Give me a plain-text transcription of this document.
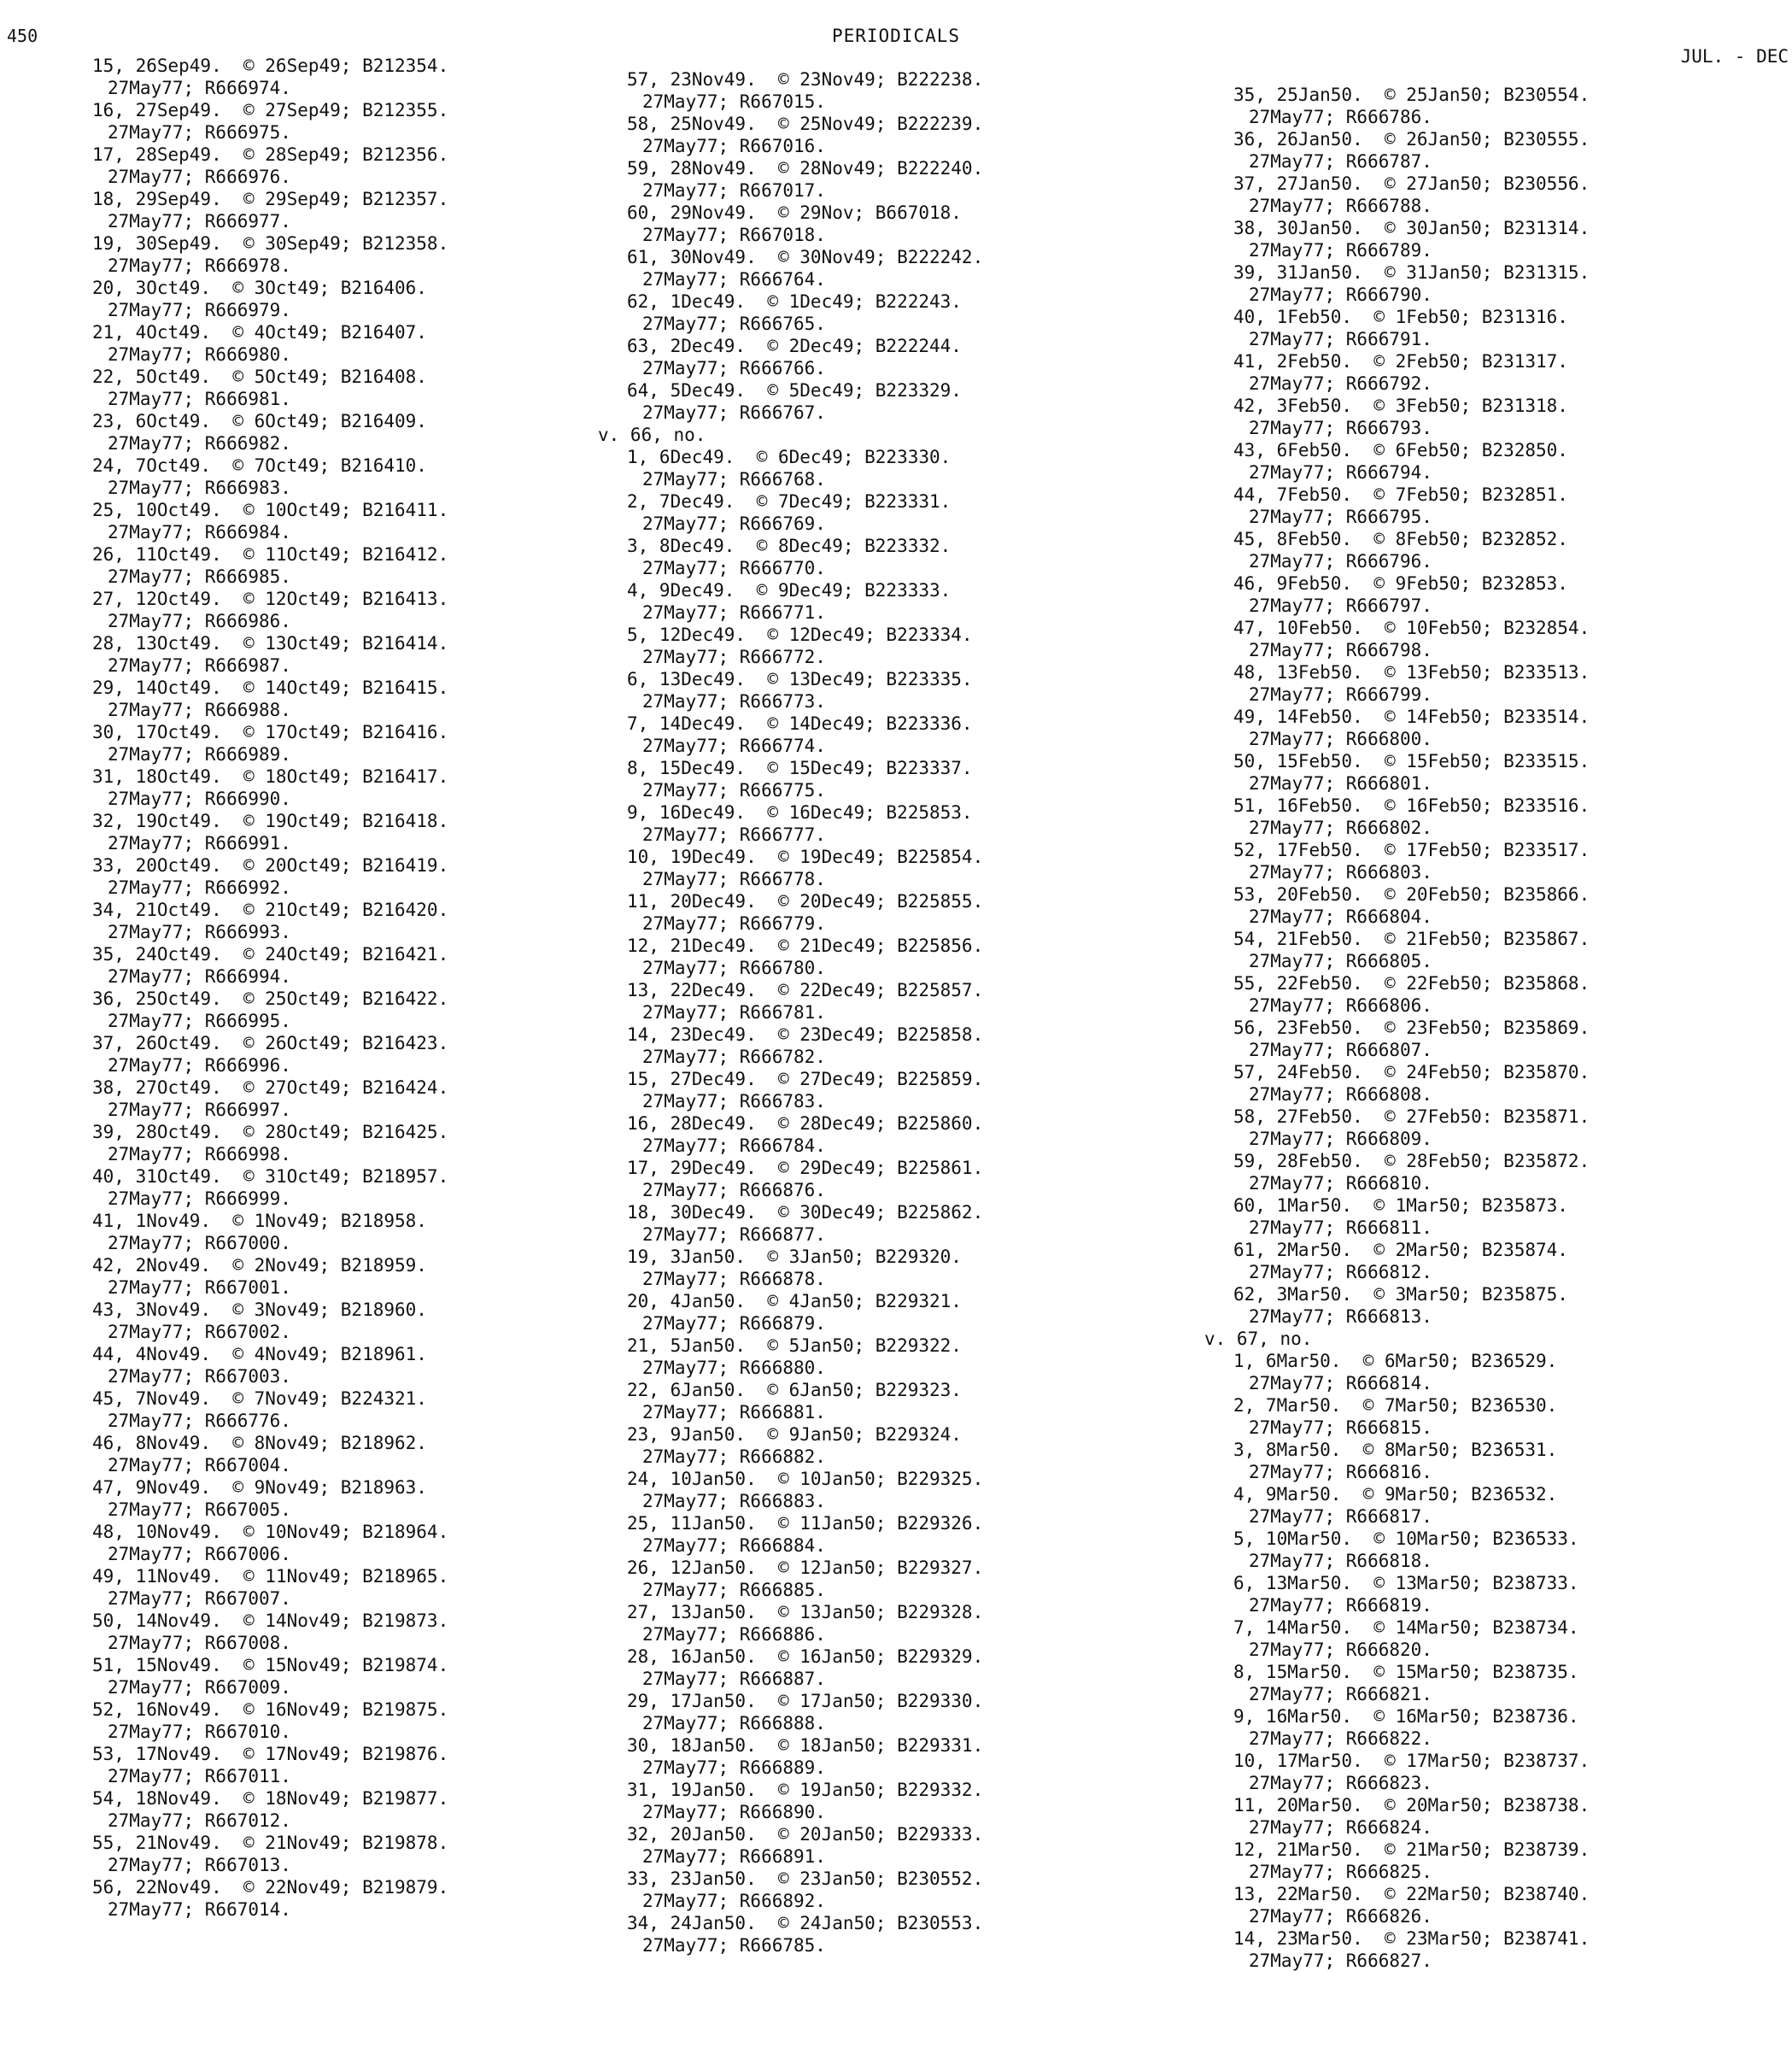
450	PERIODICALS
JUL. - DEC
15, 26Sep49.  © 26Sep49; B212354.
27May77; R666974.
16, 27Sep49.  © 27Sep49; B212355.
27May77; R666975.
17, 28Sep49.  © 28Sep49; B212356.
27May77; R666976.
18, 29Sep49.  © 29Sep49; B212357.
27May77; R666977.
19, 30Sep49.  © 30Sep49; B212358.
27May77; R666978.
20, 3Oct49.  © 3Oct49; B216406.
27May77; R666979.
21, 4Oct49.  © 4Oct49; B216407.
27May77; R666980.
22, 5Oct49.  © 5Oct49; B216408.
27May77; R666981.
23, 6Oct49.  © 6Oct49; B216409.
27May77; R666982.
24, 7Oct49.  © 7Oct49; B216410.
27May77; R666983.
25, 10Oct49.  © 10Oct49; B216411.
27May77; R666984.
26, 11Oct49.  © 11Oct49; B216412.
27May77; R666985.
27, 12Oct49.  © 12Oct49; B216413.
27May77; R666986.
28, 13Oct49.  © 13Oct49; B216414.
27May77; R666987.
29, 14Oct49.  © 14Oct49; B216415.
27May77; R666988.
30, 17Oct49.  © 17Oct49; B216416.
27May77; R666989.
31, 18Oct49.  © 18Oct49; B216417.
27May77; R666990.
32, 19Oct49.  © 19Oct49; B216418.
27May77; R666991.
33, 20Oct49.  © 20Oct49; B216419.
27May77; R666992.
34, 21Oct49.  © 21Oct49; B216420.
27May77; R666993.
35, 24Oct49.  © 24Oct49; B216421.
27May77; R666994.
36, 25Oct49.  © 25Oct49; B216422.
27May77; R666995.
37, 26Oct49.  © 26Oct49; B216423.
27May77; R666996.
38, 27Oct49.  © 27Oct49; B216424.
27May77; R666997.
39, 28Oct49.  © 28Oct49; B216425.
27May77; R666998.
40, 31Oct49.  © 31Oct49; B218957.
27May77; R666999.
41, 1Nov49.  © 1Nov49; B218958.
27May77; R667000.
42, 2Nov49.  © 2Nov49; B218959.
27May77; R667001.
43, 3Nov49.  © 3Nov49; B218960.
27May77; R667002.
44, 4Nov49.  © 4Nov49; B218961.
27May77; R667003.
45, 7Nov49.  © 7Nov49; B224321.
27May77; R666776.
46, 8Nov49.  © 8Nov49; B218962.
27May77; R667004.
47, 9Nov49.  © 9Nov49; B218963.
27May77; R667005.
48, 10Nov49.  © 10Nov49; B218964.
27May77; R667006.
49, 11Nov49.  © 11Nov49; B218965.
27May77; R667007.
50, 14Nov49.  © 14Nov49; B219873.
27May77; R667008.
51, 15Nov49.  © 15Nov49; B219874.
27May77; R667009.
52, 16Nov49.  © 16Nov49; B219875.
27May77; R667010.
53, 17Nov49.  © 17Nov49; B219876.
27May77; R667011.
54, 18Nov49.  © 18Nov49; B219877.
27May77; R667012.
55, 21Nov49.  © 21Nov49; B219878.
27May77; R667013.
56, 22Nov49.  © 22Nov49; B219879.
27May77; R667014.
57, 23Nov49.  © 23Nov49; B222238.
27May77; R667015.
58, 25Nov49.  © 25Nov49; B222239.
27May77; R667016.
59, 28Nov49.  © 28Nov49; B222240.
27May77; R667017.
60, 29Nov49.  © 29Nov; B667018.
27May77; R667018.
61, 30Nov49.  © 30Nov49; B222242.
27May77; R666764.
62, 1Dec49.  © 1Dec49; B222243.
27May77; R666765.
63, 2Dec49.  © 2Dec49; B222244.
27May77; R666766.
64, 5Dec49.  © 5Dec49; B223329.
27May77; R666767.
v. 66, no.
1, 6Dec49.  © 6Dec49; B223330.
27May77; R666768.
2, 7Dec49.  © 7Dec49; B223331.
27May77; R666769.
3, 8Dec49.  © 8Dec49; B223332.
27May77; R666770.
4, 9Dec49.  © 9Dec49; B223333.
27May77; R666771.
5, 12Dec49.  © 12Dec49; B223334.
27May77; R666772.
6, 13Dec49.  © 13Dec49; B223335.
27May77; R666773.
7, 14Dec49.  © 14Dec49; B223336.
27May77; R666774.
8, 15Dec49.  © 15Dec49; B223337.
27May77; R666775.
9, 16Dec49.  © 16Dec49; B225853.
27May77; R666777.
10, 19Dec49.  © 19Dec49; B225854.
27May77; R666778.
11, 20Dec49.  © 20Dec49; B225855.
27May77; R666779.
12, 21Dec49.  © 21Dec49; B225856.
27May77; R666780.
13, 22Dec49.  © 22Dec49; B225857.
27May77; R666781.
14, 23Dec49.  © 23Dec49; B225858.
27May77; R666782.
15, 27Dec49.  © 27Dec49; B225859.
27May77; R666783.
16, 28Dec49.  © 28Dec49; B225860.
27May77; R666784.
17, 29Dec49.  © 29Dec49; B225861.
27May77; R666876.
18, 30Dec49.  © 30Dec49; B225862.
27May77; R666877.
19, 3Jan50.  © 3Jan50; B229320.
27May77; R666878.
20, 4Jan50.  © 4Jan50; B229321.
27May77; R666879.
21, 5Jan50.  © 5Jan50; B229322.
27May77; R666880.
22, 6Jan50.  © 6Jan50; B229323.
27May77; R666881.
23, 9Jan50.  © 9Jan50; B229324.
27May77; R666882.
24, 10Jan50.  © 10Jan50; B229325.
27May77; R666883.
25, 11Jan50.  © 11Jan50; B229326.
27May77; R666884.
26, 12Jan50.  © 12Jan50; B229327.
27May77; R666885.
27, 13Jan50.  © 13Jan50; B229328.
27May77; R666886.
28, 16Jan50.  © 16Jan50; B229329.
27May77; R666887.
29, 17Jan50.  © 17Jan50; B229330.
27May77; R666888.
30, 18Jan50.  © 18Jan50; B229331.
27May77; R666889.
31, 19Jan50.  © 19Jan50; B229332.
27May77; R666890.
32, 20Jan50.  © 20Jan50; B229333.
27May77; R666891.
33, 23Jan50.  © 23Jan50; B230552.
27May77; R666892.
34, 24Jan50.  © 24Jan50; B230553.
27May77; R666785.
35, 25Jan50.  © 25Jan50; B230554.
27May77; R666786.
36, 26Jan50.  © 26Jan50; B230555.
27May77; R666787.
37, 27Jan50.  © 27Jan50; B230556.
27May77; R666788.
38, 30Jan50.  © 30Jan50; B231314.
27May77; R666789.
39, 31Jan50.  © 31Jan50; B231315.
27May77; R666790.
40, 1Feb50.  © 1Feb50; B231316.
27May77; R666791.
41, 2Feb50.  © 2Feb50; B231317.
27May77; R666792.
42, 3Feb50.  © 3Feb50; B231318.
27May77; R666793.
43, 6Feb50.  © 6Feb50; B232850.
27May77; R666794.
44, 7Feb50.  © 7Feb50; B232851.
27May77; R666795.
45, 8Feb50.  © 8Feb50; B232852.
27May77; R666796.
46, 9Feb50.  © 9Feb50; B232853.
27May77; R666797.
47, 10Feb50.  © 10Feb50; B232854.
27May77; R666798.
48, 13Feb50.  © 13Feb50; B233513.
27May77; R666799.
49, 14Feb50.  © 14Feb50; B233514.
27May77; R666800.
50, 15Feb50.  © 15Feb50; B233515.
27May77; R666801.
51, 16Feb50.  © 16Feb50; B233516.
27May77; R666802.
52, 17Feb50.  © 17Feb50; B233517.
27May77; R666803.
53, 20Feb50.  © 20Feb50; B235866.
27May77; R666804.
54, 21Feb50.  © 21Feb50; B235867.
27May77; R666805.
55, 22Feb50.  © 22Feb50; B235868.
27May77; R666806.
56, 23Feb50.  © 23Feb50; B235869.
27May77; R666807.
57, 24Feb50.  © 24Feb50; B235870.
27May77; R666808.
58, 27Feb50.  © 27Feb50: B235871.
27May77; R666809.
59, 28Feb50.  © 28Feb50; B235872.
27May77; R666810.
60, 1Mar50.  © 1Mar50; B235873.
27May77; R666811.
61, 2Mar50.  © 2Mar50; B235874.
27May77; R666812.
62, 3Mar50.  © 3Mar50; B235875.
27May77; R666813.
v. 67, no.
1, 6Mar50.  © 6Mar50; B236529.
27May77; R666814.
2, 7Mar50.  © 7Mar50; B236530.
27May77; R666815.
3, 8Mar50.  © 8Mar50; B236531.
27May77; R666816.
4, 9Mar50.  © 9Mar50; B236532.
27May77; R666817.
5, 10Mar50.  © 10Mar50; B236533.
27May77; R666818.
6, 13Mar50.  © 13Mar50; B238733.
27May77; R666819.
7, 14Mar50.  © 14Mar50; B238734.
27May77; R666820.
8, 15Mar50.  © 15Mar50; B238735.
27May77; R666821.
9, 16Mar50.  © 16Mar50; B238736.
27May77; R666822.
10, 17Mar50.  © 17Mar50; B238737.
27May77; R666823.
11, 20Mar50.  © 20Mar50; B238738.
27May77; R666824.
12, 21Mar50.  © 21Mar50; B238739.
27May77; R666825.
13, 22Mar50.  © 22Mar50; B238740.
27May77; R666826.
14, 23Mar50.  © 23Mar50; B238741.
27May77; R666827.
